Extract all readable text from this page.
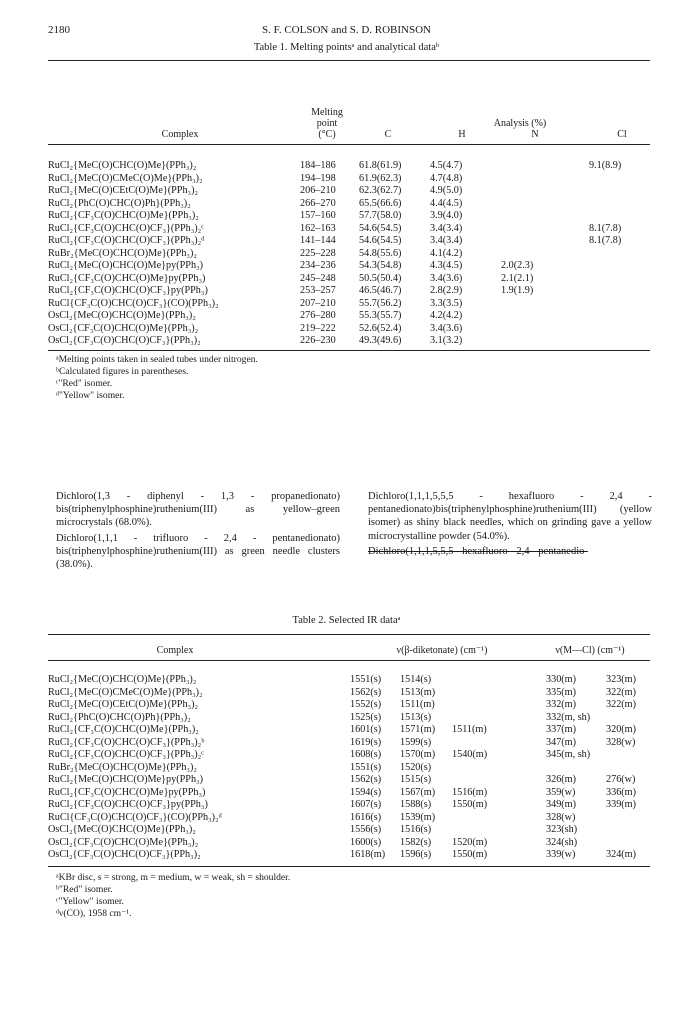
2180	S. F. COLSON and S. D. ROBINSON
Table 1. Melting pointsᵃ and analytical dataᵇ
Melting
point
(°C)
Analysis (%)
Complex	C	H	N	Cl
RuCl₂{MeC(O)CHC(O)Me}(PPh₃)₂	184–186	61.8(61.9)	4.5(4.7)		9.1(8.9)
RuCl₂{MeC(O)CMeC(O)Me}(PPh₃)₂	194–198	61.9(62.3)	4.7(4.8)		
RuCl₂{MeC(O)CEtC(O)Me}(PPh₃)₂	206–210	62.3(62.7)	4.9(5.0)		
RuCl₂{PhC(O)CHC(O)Ph}(PPh₃)₂	266–270	65.5(66.6)	4.4(4.5)		
RuCl₂{CF₃C(O)CHC(O)Me}(PPh₃)₂	157–160	57.7(58.0)	3.9(4.0)		
RuCl₂{CF₃C(O)CHC(O)CF₃}(PPh₃)₂ᶜ	162–163	54.6(54.5)	3.4(3.4)		8.1(7.8)
RuCl₂{CF₃C(O)CHC(O)CF₃}(PPh₃)₂ᵈ	141–144	54.6(54.5)	3.4(3.4)		8.1(7.8)
RuBr₂{MeC(O)CHC(O)Me}(PPh₃)₂	225–228	54.8(55.6)	4.1(4.2)		
RuCl₂{MeC(O)CHC(O)Me}py(PPh₃)	234–236	54.3(54.8)	4.3(4.5)	2.0(2.3)	
RuCl₂{CF₃C(O)CHC(O)Me}py(PPh₃)	245–248	50.5(50.4)	3.4(3.6)	2.1(2.1)	
RuCl₂{CF₃C(O)CHC(O)CF₃}py(PPh₃)	253–257	46.5(46.7)	2.8(2.9)	1.9(1.9)	
RuCl{CF₃C(O)CHC(O)CF₃}(CO)(PPh₃)₂	207–210	55.7(56.2)	3.3(3.5)		
OsCl₂{MeC(O)CHC(O)Me}(PPh₃)₂	276–280	55.3(55.7)	4.2(4.2)		
OsCl₂{CF₃C(O)CHC(O)Me}(PPh₃)₂	219–222	52.6(52.4)	3.4(3.6)		
OsCl₂{CF₃C(O)CHC(O)CF₃}(PPh₃)₂	226–230	49.3(49.6)	3.1(3.2)		
ᵃMelting points taken in sealed tubes under nitrogen.
ᵇCalculated figures in parentheses.
ᶜ"Red" isomer.
ᵈ"Yellow" isomer.

Dichloro(1,3 - diphenyl - 1,3 - propanedionato) bis(triphenylphosphine)ruthenium(III) as yellow–green microcrystals (68.0%).

Dichloro(1,1,1 - trifluoro - 2,4 - pentanedionato) bis(triphenylphosphine)ruthenium(III) as green needle clusters (38.0%).

Dichloro(1,1,1,5,5,5 - hexafluoro - 2,4 - pentanedionato)bis(triphenylphosphine)ruthenium(III) (yellow isomer) as shiny black needles, which on grinding gave a yellow microcrystalline powder (54.0%).

Dichloro(1,1,1,5,5,5 - hexafluoro - 2,4 - pentanedio-

Table 2. Selected IR dataᵃ
Complex	ν(β-diketonate) (cm⁻¹)	ν(M—Cl) (cm⁻¹)
RuCl₂{MeC(O)CHC(O)Me}(PPh₃)₂	1551(s)	1514(s)		330(m)	323(m)
RuCl₂{MeC(O)CMeC(O)Me}(PPh₃)₂	1562(s)	1513(m)		335(m)	322(m)
RuCl₂{MeC(O)CEtC(O)Me}(PPh₃)₂	1552(s)	1511(m)		332(m)	322(m)
RuCl₂{PhC(O)CHC(O)Ph}(PPh₃)₂	1525(s)	1513(s)		332(m, sh)	
RuCl₂{CF₃C(O)CHC(O)Me}(PPh₃)₂	1601(s)	1571(m)	1511(m)	337(m)	320(m)
RuCl₂{CF₃C(O)CHC(O)CF₃}(PPh₃)₂ᵇ	1619(s)	1599(s)		347(m)	328(w)
RuCl₂{CF₃C(O)CHC(O)CF₃}(PPh₃)₂ᶜ	1608(s)	1570(m)	1540(m)	345(m, sh)	
RuBr₂{MeC(O)CHC(O)Me}(PPh₃)₂	1551(s)	1520(s)			
RuCl₂{MeC(O)CHC(O)Me}py(PPh₃)	1562(s)	1515(s)		326(m)	276(w)
RuCl₂{CF₃C(O)CHC(O)Me}py(PPh₃)	1594(s)	1567(m)	1516(m)	359(w)	336(m)
RuCl₂{CF₃C(O)CHC(O)CF₃}py(PPh₃)	1607(s)	1588(s)	1550(m)	349(m)	339(m)
RuCl{CF₃C(O)CHC(O)CF₃}(CO)(PPh₃)₂ᵈ	1616(s)	1539(m)		328(w)	
OsCl₂{MeC(O)CHC(O)Me}(PPh₃)₂	1556(s)	1516(s)		323(sh)	
OsCl₂{CF₃C(O)CHC(O)Me}(PPh₃)₂	1600(s)	1582(s)	1520(m)	324(sh)	
OsCl₂{CF₃C(O)CHC(O)CF₃}(PPh₃)₂	1618(m)	1596(s)	1550(m)	339(w)	324(m)
ᵃKBr disc, s = strong, m = medium, w = weak, sh = shoulder.
ᵇ"Red" isomer.
ᶜ"Yellow" isomer.
ᵈν(CO), 1958 cm⁻¹.
